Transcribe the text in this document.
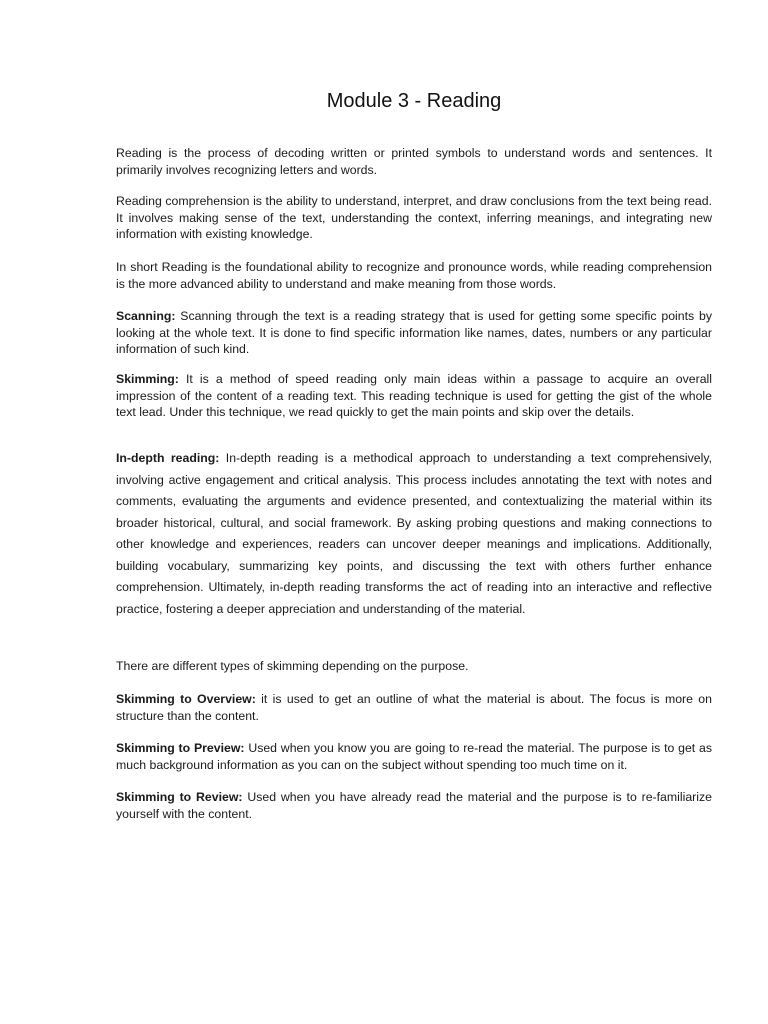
Module 3 - Reading

Reading is the process of decoding written or printed symbols to understand words and sentences. It primarily involves recognizing letters and words.

Reading comprehension is the ability to understand, interpret, and draw conclusions from the text being read. It involves making sense of the text, understanding the context, inferring meanings, and integrating new information with existing knowledge.

In short Reading is the foundational ability to recognize and pronounce words, while reading comprehension is the more advanced ability to understand and make meaning from those words.

Scanning: Scanning through the text is a reading strategy that is used for getting some specific points by looking at the whole text. It is done to find specific information like names, dates, numbers or any particular information of such kind.

Skimming: It is a method of speed reading only main ideas within a passage to acquire an overall impression of the content of a reading text. This reading technique is used for getting the gist of the whole text lead. Under this technique, we read quickly to get the main points and skip over the details.

In-depth reading: In-depth reading is a methodical approach to understanding a text comprehensively, involving active engagement and critical analysis. This process includes annotating the text with notes and comments, evaluating the arguments and evidence presented, and contextualizing the material within its broader historical, cultural, and social framework. By asking probing questions and making connections to other knowledge and experiences, readers can uncover deeper meanings and implications. Additionally, building vocabulary, summarizing key points, and discussing the text with others further enhance comprehension. Ultimately, in-depth reading transforms the act of reading into an interactive and reflective practice, fostering a deeper appreciation and understanding of the material.

There are different types of skimming depending on the purpose.

Skimming to Overview: it is used to get an outline of what the material is about. The focus is more on structure than the content.

Skimming to Preview: Used when you know you are going to re-read the material. The purpose is to get as much background information as you can on the subject without spending too much time on it.

Skimming to Review: Used when you have already read the material and the purpose is to re-familiarize yourself with the content.
